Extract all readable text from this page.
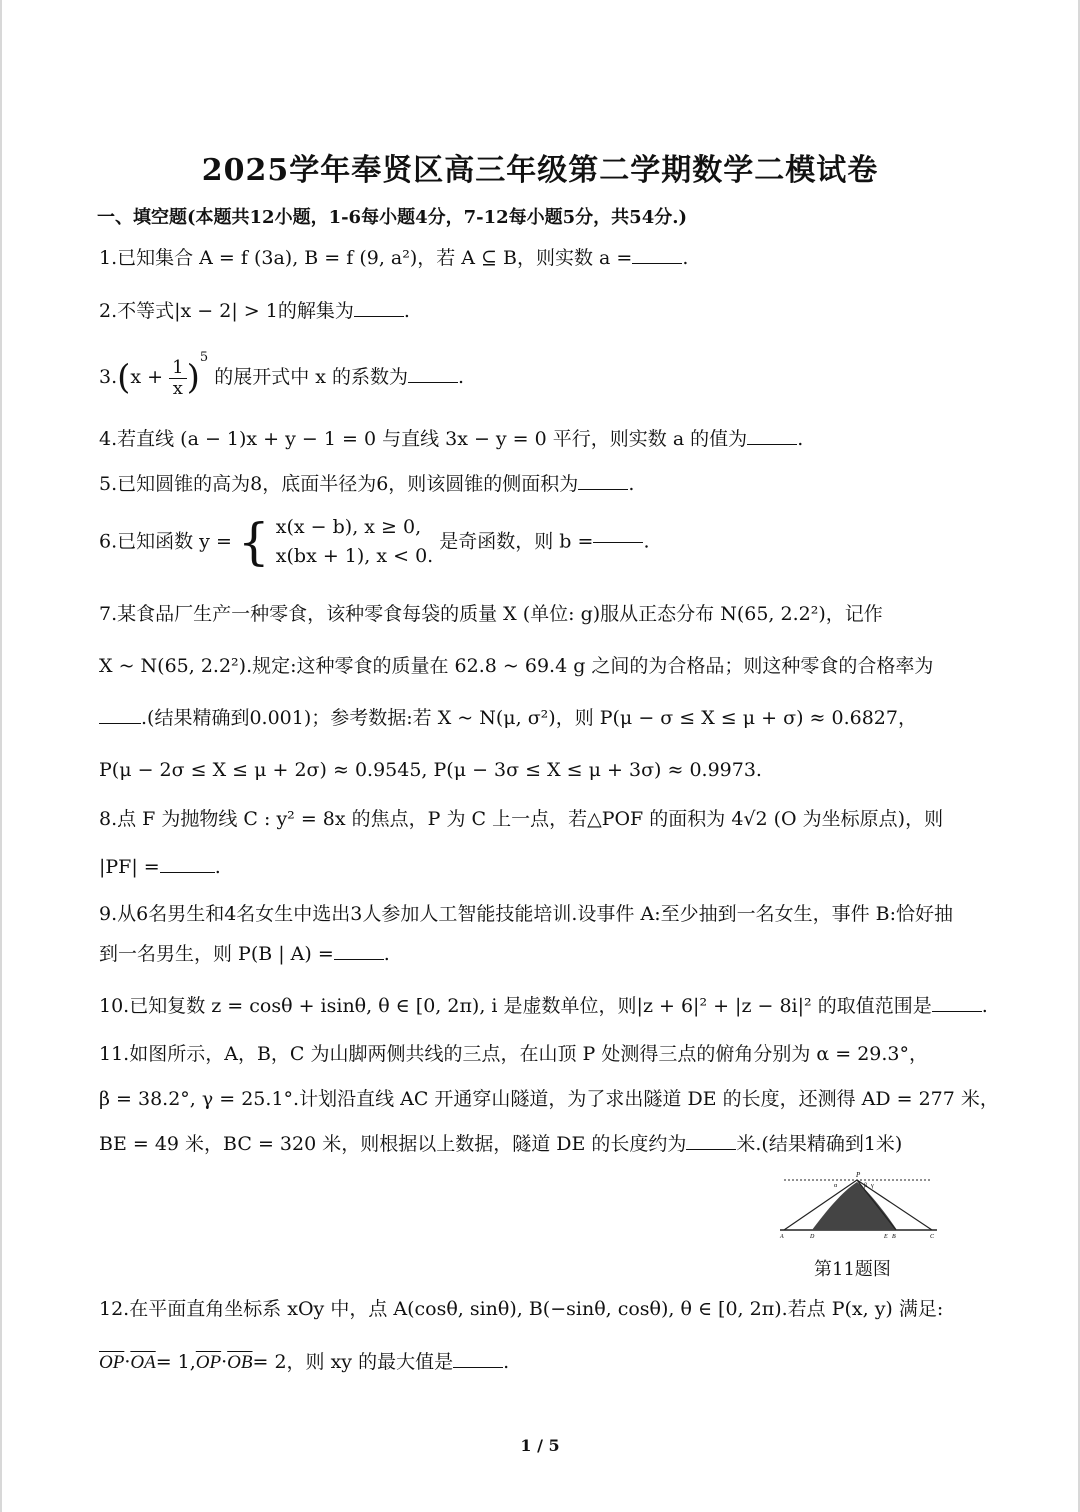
2025学年奉贤区高三年级第二学期数学二模试卷
一、填空题(本题共12小题，1-6每小题4分，7-12每小题5分，共54分.)
1.已知集合 A = f (3a), B = f (9, a²)，若 A ⊆ B，则实数 a =	.
2.不等式|x − 2| > 1的解集为	.
$3.(x + \frac{1}{x} )^5$ 的展开式中 x 的系数为	.
4.若直线 (a − 1)x + y − 1 = 0 与直线 3x − y = 0 平行，则实数 a 的值为	.
5.已知圆锥的高为8，底面半径为6，则该圆锥的侧面积为	.
6.已知函数 y = { x(x − b), x ≥ 0,
x(bx + 1), x < 0.
是奇函数，则 b =	.
7.某食品厂生产一种零食，该种零食每袋的质量 X (单位: g)服从正态分布 N(65, 2.2²)，记作
X ~ N(65, 2.2²).规定:这种零食的质量在 62.8 ~ 69.4 g 之间的为合格品；则这种零食的合格率为
.(结果精确到0.001)；参考数据:若 X ~ N(μ, σ²)，则 P(μ − σ ≤ X ≤ μ + σ) ≈ 0.6827，
P(μ − 2σ ≤ X ≤ μ + 2σ) ≈ 0.9545, P(μ − 3σ ≤ X ≤ μ + 3σ) ≈ 0.9973.
8.点 F 为抛物线 C : y² = 8x 的焦点，P 为 C 上一点，若△POF 的面积为 4√2 (O 为坐标原点)，则
|PF| =	.
9.从6名男生和4名女生中选出3人参加人工智能技能培训.设事件 A:至少抽到一名女生，事件 B:恰好抽
到一名男生，则 P(B | A) =	.
10.已知复数 z = cosθ + isinθ, θ ∈ [0, 2π), i 是虚数单位，则|z + 6|² + |z − 8i|² 的取值范围是	.
11.如图所示，A，B，C 为山脚两侧共线的三点，在山顶 P 处测得三点的俯角分别为 α = 29.3°，
β = 38.2°, γ = 25.1°.计划沿直线 AC 开通穿山隧道，为了求出隧道 DE 的长度，还测得 AD = 277 米，
BE = 49 米，BC = 320 米，则根据以上数据，隧道 DE 的长度约为	米.(结果精确到1米)
P
A	D	E B	C
α	β γ
第11题图
12.在平面直角坐标系 xOy 中，点 A(cosθ, sinθ), B(−sinθ, cosθ), θ ∈ [0, 2π).若点 P(x, y) 满足:
$\overline{OP}\cdot\overline{OA}= 1,\overline{OP}\cdot\overline{OB}= 2$，则 xy 的最大值是	.
1 / 5
